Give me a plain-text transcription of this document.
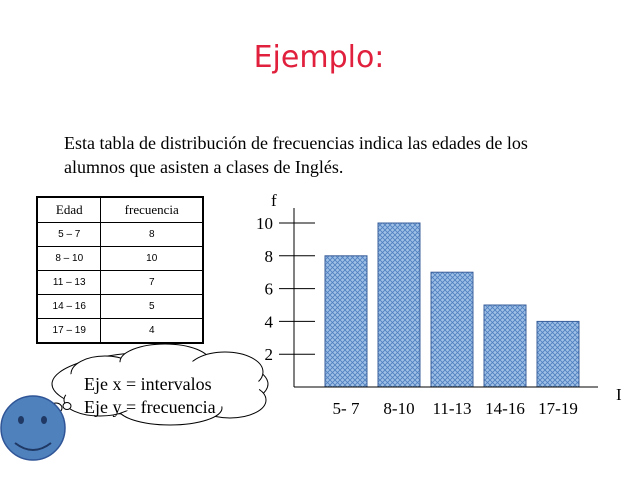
Ejemplo:
Esta tabla de distribución de frecuencias indica las edades de los
alumnos que asisten a clases de Inglés.
Edad	frecuencia
5 – 7	8
8 – 10	10
11 – 13	7
14 – 16	5
17 – 19	4
2
4
6
8
10
5- 7 8-10 11-13 14-16 17-19
f
I
Eje x = intervalos
Eje y = frecuencia
